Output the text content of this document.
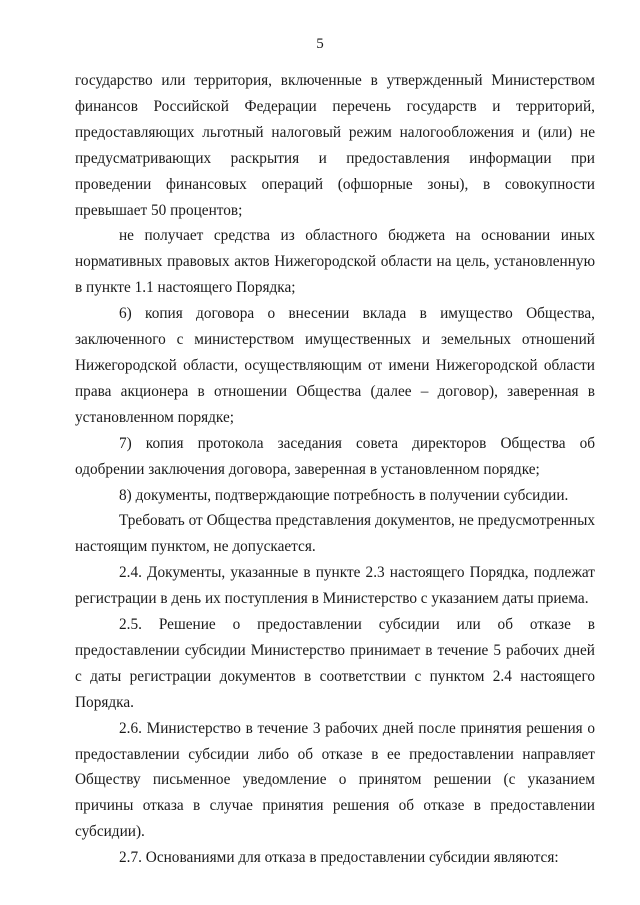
5

государство или территория, включенные в утвержденный Министерством финансов Российской Федерации перечень государств и территорий, предоставляющих льготный налоговый режим налогообложения и (или) не предусматривающих раскрытия и предоставления информации при проведении финансовых операций (офшорные зоны), в совокупности превышает 50 процентов;

не получает средства из областного бюджета на основании иных нормативных правовых актов Нижегородской области на цель, установленную в пункте 1.1 настоящего Порядка;

6) копия договора о внесении вклада в имущество Общества, заключенного с министерством имущественных и земельных отношений Нижегородской области, осуществляющим от имени Нижегородской области права акционера в отношении Общества (далее – договор), заверенная в установленном порядке;

7) копия протокола заседания совета директоров Общества об одобрении заключения договора, заверенная в установленном порядке;

8) документы, подтверждающие потребность в получении субсидии.

Требовать от Общества представления документов, не предусмотренных настоящим пунктом, не допускается.

2.4. Документы, указанные в пункте 2.3 настоящего Порядка, подлежат регистрации в день их поступления в Министерство с указанием даты приема.

2.5. Решение о предоставлении субсидии или об отказе в предоставлении субсидии Министерство принимает в течение 5 рабочих дней с даты регистрации документов в соответствии с пунктом 2.4 настоящего Порядка.

2.6. Министерство в течение 3 рабочих дней после принятия решения о предоставлении субсидии либо об отказе в ее предоставлении направляет Обществу письменное уведомление о принятом решении (с указанием причины отказа в случае принятия решения об отказе в предоставлении субсидии).

2.7. Основаниями для отказа в предоставлении субсидии являются:
